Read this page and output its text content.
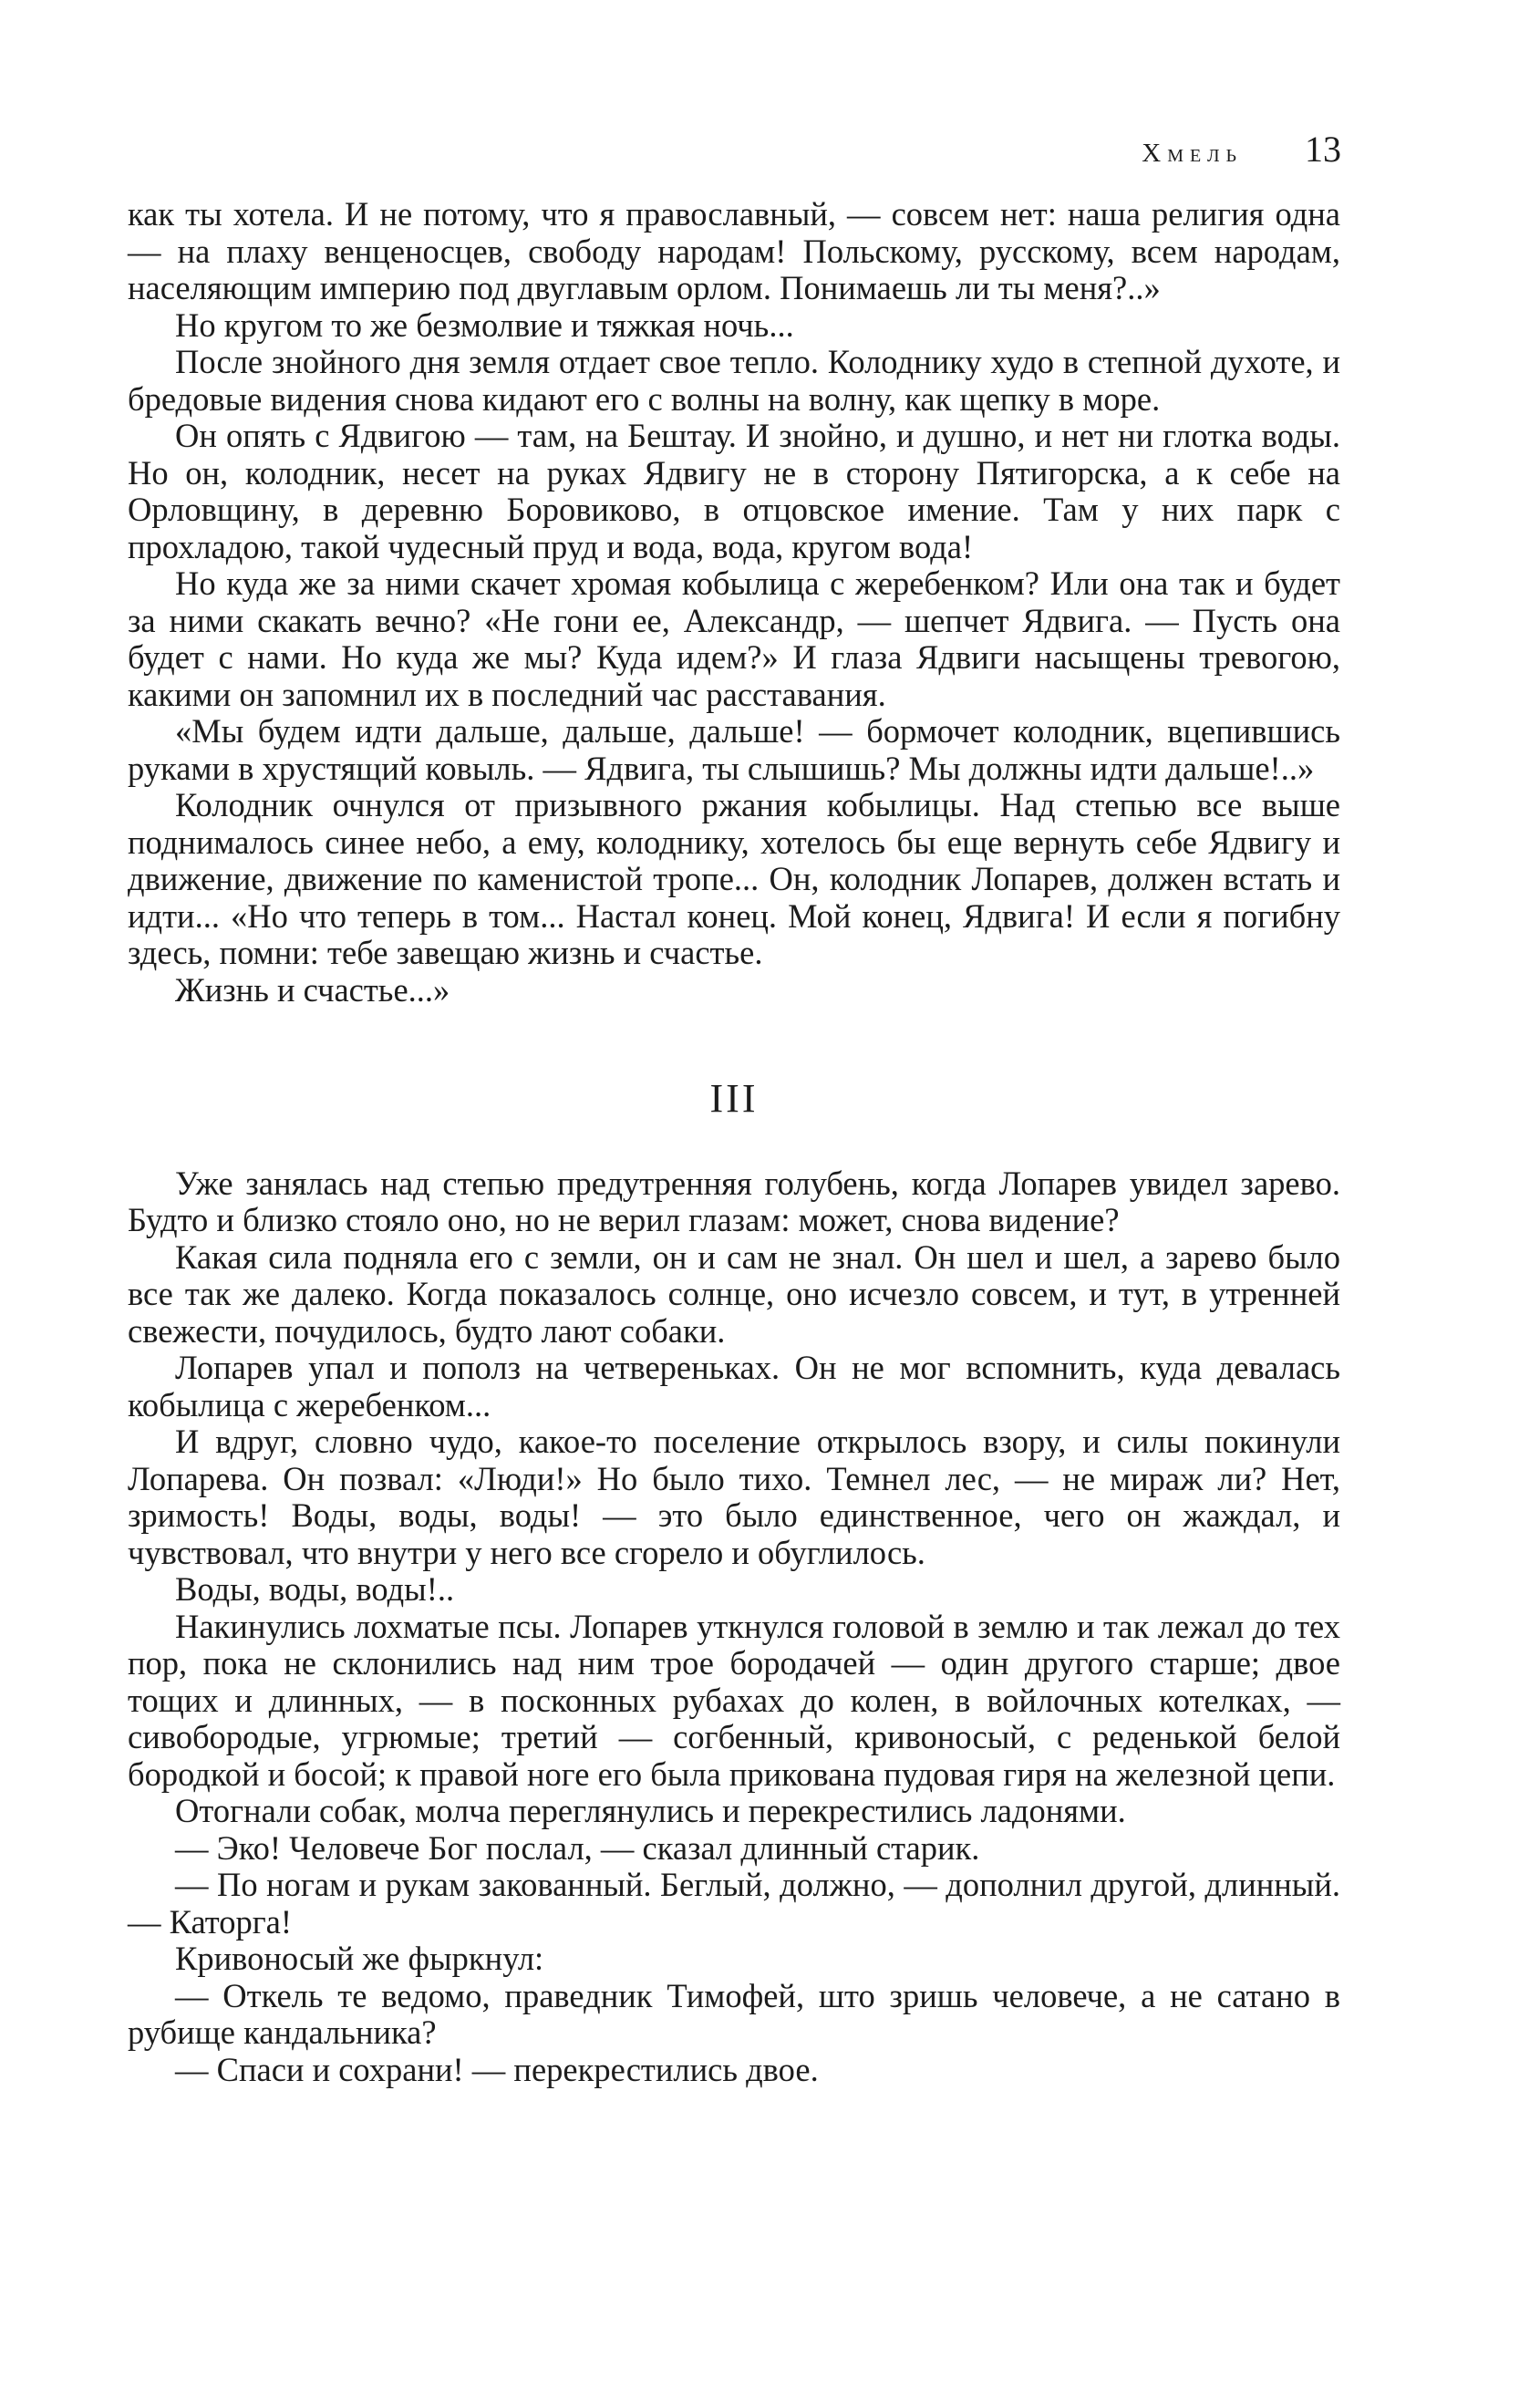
Хмель 13

как ты хотела. И не потому, что я православный, — совсем нет: наша религия одна — на плаху венценосцев, свободу народам! Польскому, русскому, всем народам, населяющим империю под двуглавым орлом. Понимаешь ли ты меня?..»

Но кругом то же безмолвие и тяжкая ночь...

После знойного дня земля отдает свое тепло. Колоднику худо в степной духоте, и бредовые видения снова кидают его с волны на волну, как щепку в море.

Он опять с Ядвигою — там, на Бештау. И знойно, и душно, и нет ни глотка воды. Но он, колодник, несет на руках Ядвигу не в сторону Пятигорска, а к себе на Орловщину, в деревню Боровиково, в отцовское имение. Там у них парк с прохладою, такой чудесный пруд и вода, вода, кругом вода!

Но куда же за ними скачет хромая кобылица с жеребенком? Или она так и будет за ними скакать вечно? «Не гони ее, Александр, — шепчет Ядвига. — Пусть она будет с нами. Но куда же мы? Куда идем?» И глаза Ядвиги насыщены тревогою, какими он запомнил их в последний час расставания.

«Мы будем идти дальше, дальше, дальше! — бормочет колодник, вцепившись руками в хрустящий ковыль. — Ядвига, ты слышишь? Мы должны идти дальше!..»

Колодник очнулся от призывного ржания кобылицы. Над степью все выше поднималось синее небо, а ему, колоднику, хотелось бы еще вернуть себе Ядвигу и движение, движение по каменистой тропе... Он, колодник Лопарев, должен встать и идти... «Но что теперь в том... Настал конец. Мой конец, Ядвига! И если я погибну здесь, помни: тебе завещаю жизнь и счастье.

Жизнь и счастье...»

III

Уже занялась над степью предутренняя голубень, когда Лопарев увидел зарево. Будто и близко стояло оно, но не верил глазам: может, снова видение?

Какая сила подняла его с земли, он и сам не знал. Он шел и шел, а зарево было все так же далеко. Когда показалось солнце, оно исчезло совсем, и тут, в утренней свежести, почудилось, будто лают собаки.

Лопарев упал и пополз на четвереньках. Он не мог вспомнить, куда девалась кобылица с жеребенком...

И вдруг, словно чудо, какое-то поселение открылось взору, и силы покинули Лопарева. Он позвал: «Люди!» Но было тихо. Темнел лес, — не мираж ли? Нет, зримость! Воды, воды, воды! — это было единственное, чего он жаждал, и чувствовал, что внутри у него все сгорело и обуглилось.

Воды, воды, воды!..

Накинулись лохматые псы. Лопарев уткнулся головой в землю и так лежал до тех пор, пока не склонились над ним трое бородачей — один другого старше; двое тощих и длинных, — в посконных рубахах до колен, в войлочных котелках, — сивобородые, угрюмые; третий — согбенный, кривоносый, с реденькой белой бородкой и босой; к правой ноге его была прикована пудовая гиря на железной цепи.

Отогнали собак, молча переглянулись и перекрестились ладонями.

— Эко! Человече Бог послал, — сказал длинный старик.

— По ногам и рукам закованный. Беглый, должно, — дополнил другой, длинный. — Каторга!

Кривоносый же фыркнул:

— Откель те ведомо, праведник Тимофей, што зришь человече, а не сатано в рубище кандальника?

— Спаси и сохрани! — перекрестились двое.
